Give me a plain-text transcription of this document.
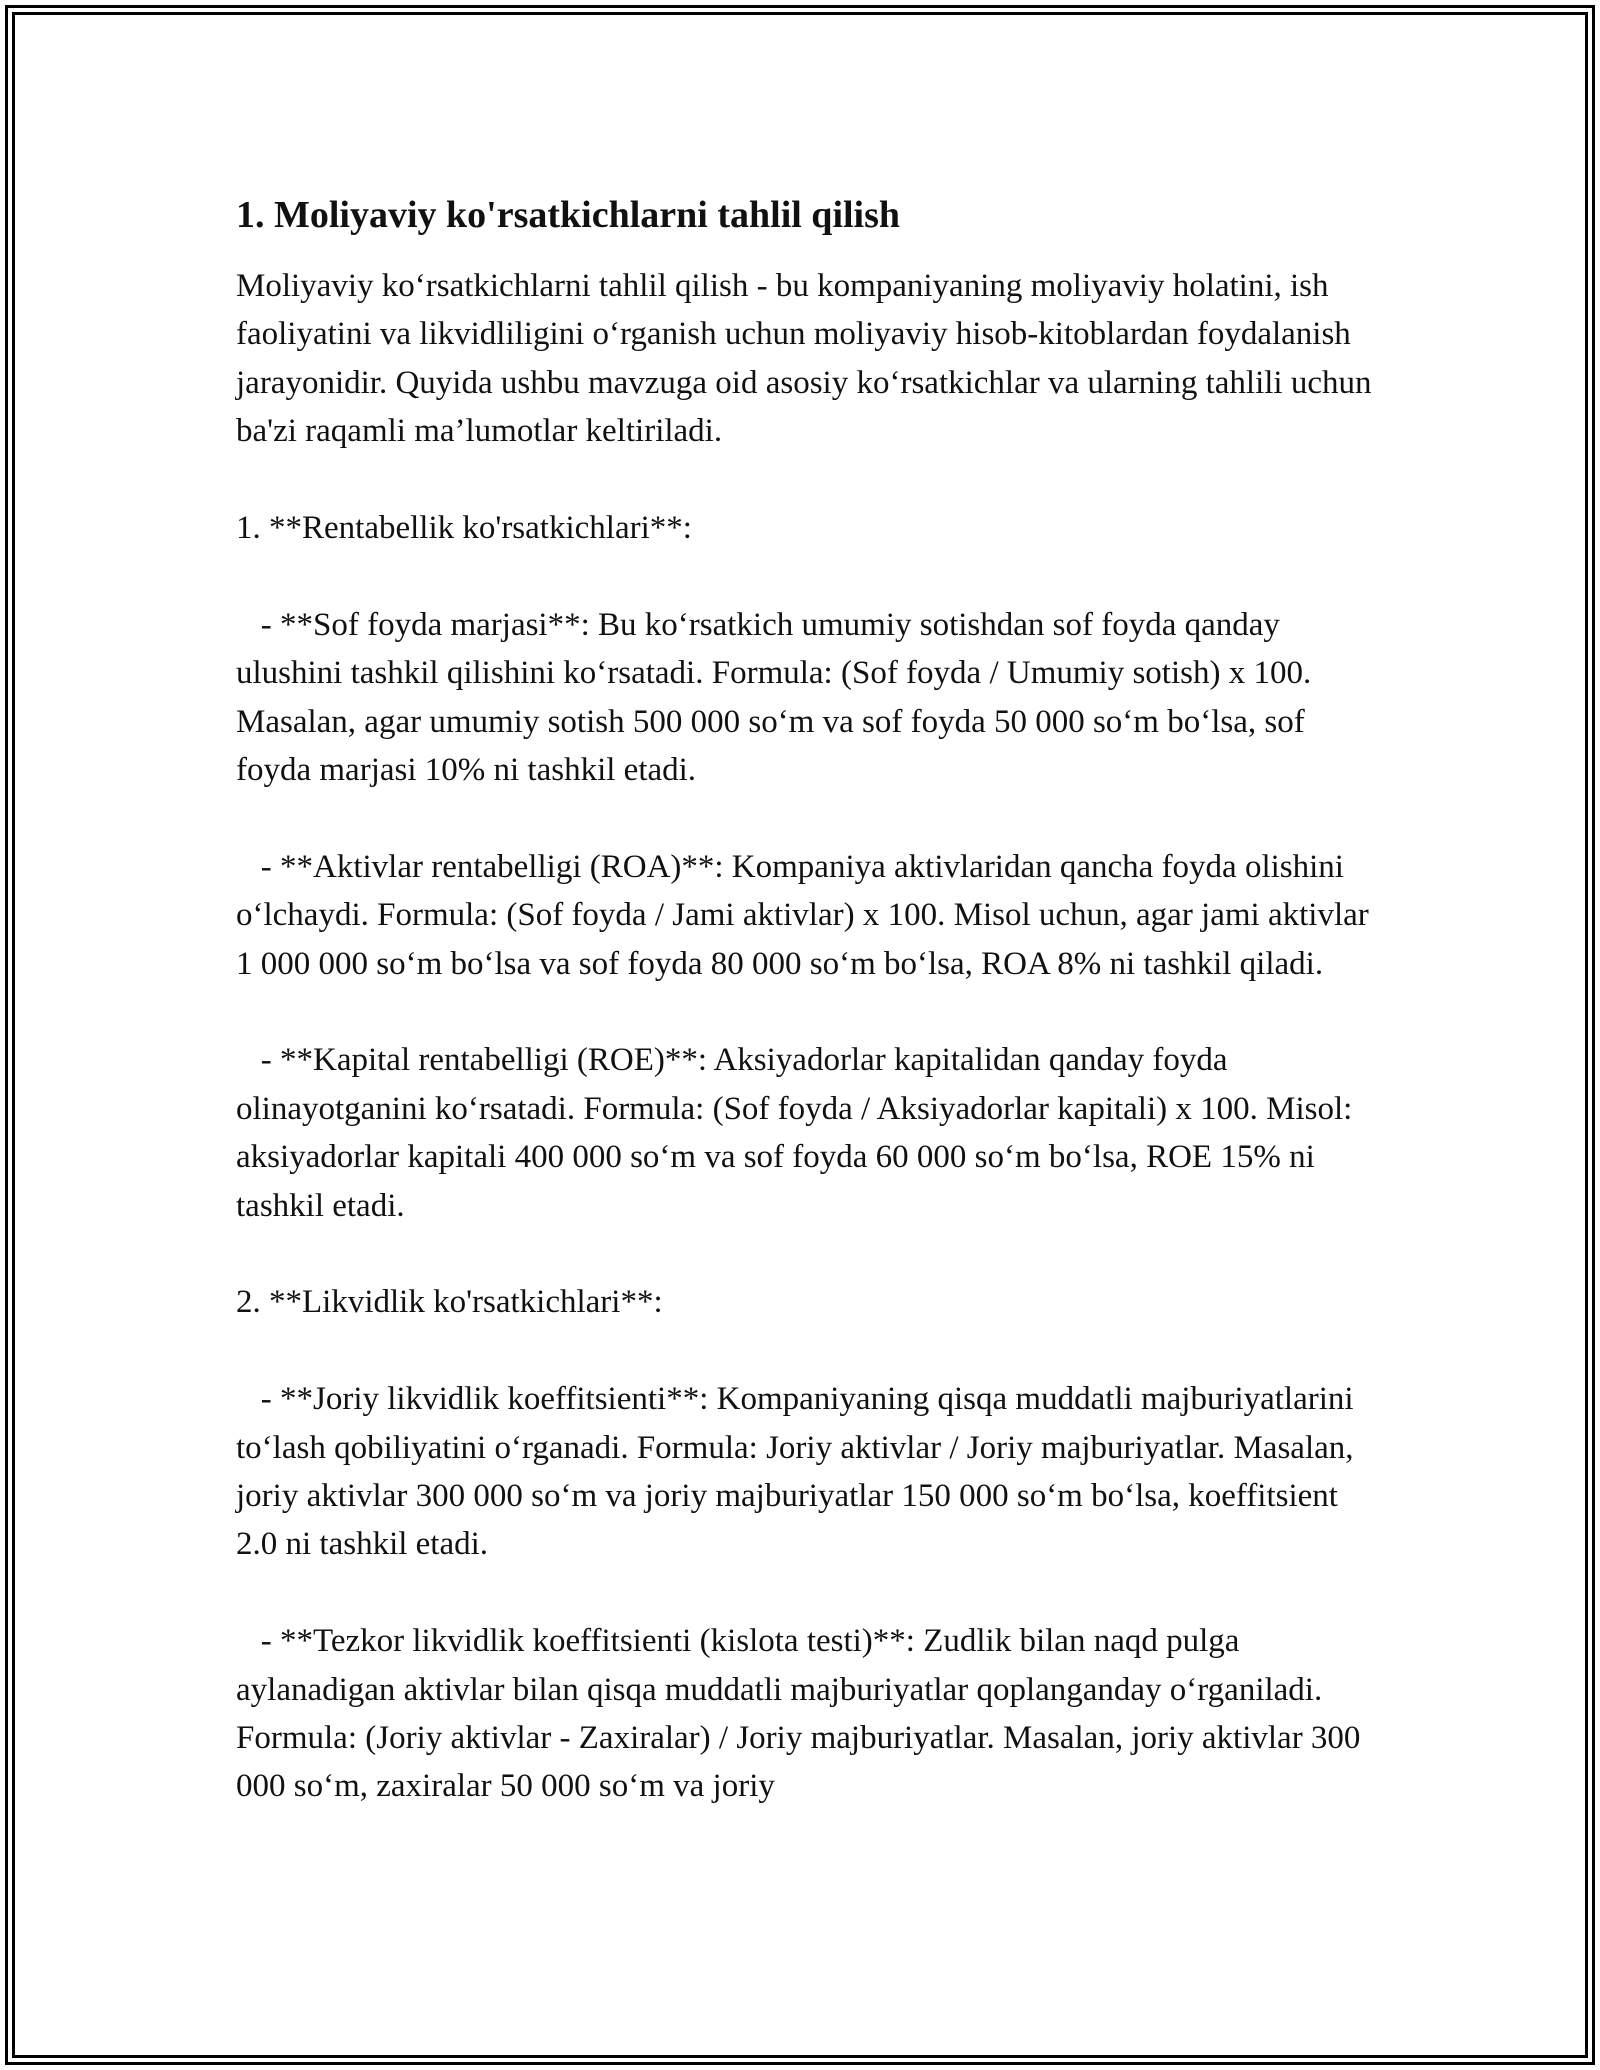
1. Moliyaviy ko'rsatkichlarni tahlil qilish

Moliyaviy ko‘rsatkichlarni tahlil qilish - bu kompaniyaning moliyaviy holatini, ish faoliyatini va likvidliligini o‘rganish uchun moliyaviy hisob-kitoblardan foydalanish jarayonidir. Quyida ushbu mavzuga oid asosiy ko‘rsatkichlar va ularning tahlili uchun ba'zi raqamli ma’lumotlar keltiriladi.

1. **Rentabellik ko'rsatkichlari**:

- **Sof foyda marjasi**: Bu ko‘rsatkich umumiy sotishdan sof foyda qanday ulushini tashkil qilishini ko‘rsatadi. Formula: (Sof foyda / Umumiy sotish) x 100. Masalan, agar umumiy sotish 500 000 so‘m va sof foyda 50 000 so‘m bo‘lsa, sof foyda marjasi 10% ni tashkil etadi.

- **Aktivlar rentabelligi (ROA)**: Kompaniya aktivlaridan qancha foyda olishini o‘lchaydi. Formula: (Sof foyda / Jami aktivlar) x 100. Misol uchun, agar jami aktivlar 1 000 000 so‘m bo‘lsa va sof foyda 80 000 so‘m bo‘lsa, ROA 8% ni tashkil qiladi.

- **Kapital rentabelligi (ROE)**: Aksiyadorlar kapitalidan qanday foyda olinayotganini ko‘rsatadi. Formula: (Sof foyda / Aksiyadorlar kapitali) x 100. Misol: aksiyadorlar kapitali 400 000 so‘m va sof foyda 60 000 so‘m bo‘lsa, ROE 15% ni tashkil etadi.

2. **Likvidlik ko'rsatkichlari**:

- **Joriy likvidlik koeffitsienti**: Kompaniyaning qisqa muddatli majburiyatlarini to‘lash qobiliyatini o‘rganadi. Formula: Joriy aktivlar / Joriy majburiyatlar. Masalan, joriy aktivlar 300 000 so‘m va joriy majburiyatlar 150 000 so‘m bo‘lsa, koeffitsient 2.0 ni tashkil etadi.

- **Tezkor likvidlik koeffitsienti (kislota testi)**: Zudlik bilan naqd pulga aylanadigan aktivlar bilan qisqa muddatli majburiyatlar qoplanganday o‘rganiladi. Formula: (Joriy aktivlar - Zaxiralar) / Joriy majburiyatlar. Masalan, joriy aktivlar 300 000 so‘m, zaxiralar 50 000 so‘m va joriy
